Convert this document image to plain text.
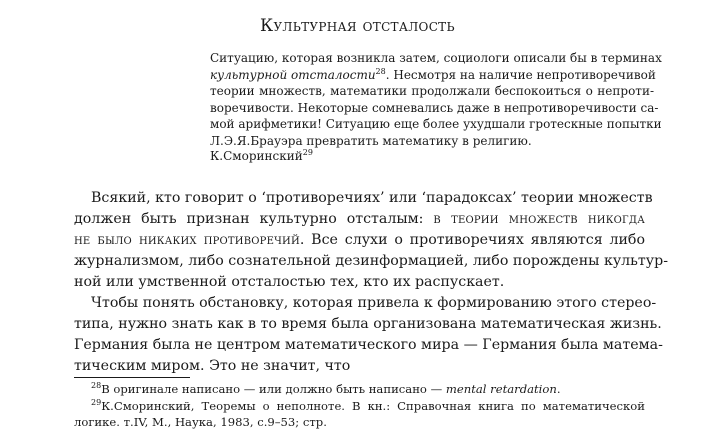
Культурная отсталость
Ситуацию, которая возникла затем, социологи описали бы в терминах
культурной отсталости$^{28}$. Несмотря на наличие непротиворечивой
теории множеств, математики продолжали беспокоиться о непроти-
воречивости. Некоторые сомневались даже в непротиворечивости са-
мой арифметики! Ситуацию еще более ухудшали гротескные попытки
Л.Э.Я.Брауэра превратить математику в религию.
К.Сморинский$^{29}$
Всякий, кто говорит о ‘противоречиях’ или ‘парадоксах’ теории множеств
должен быть признан культурно отсталым: в теории множеств никогда
не было никаких противоречий. Все слухи о противоречиях являются либо
журнализмом, либо сознательной дезинформацией, либо порождены культур-
ной или умственной отсталостью тех, кто их распускает.
Чтобы понять обстановку, которая привела к формированию этого стерео-
типа, нужно знать как в то время была организована математическая жизнь.
Германия была не центром математического мира — Германия была матема-
тическим миром. Это не значит, что
$^{28}$В оригинале написано — или должно быть написано — mental retardation.
$^{29}$К.Сморинский, Теоремы о неполноте. В кн.: Справочная книга по математической
логике. т.IV, М., Наука, 1983, с.9–53; стр.
